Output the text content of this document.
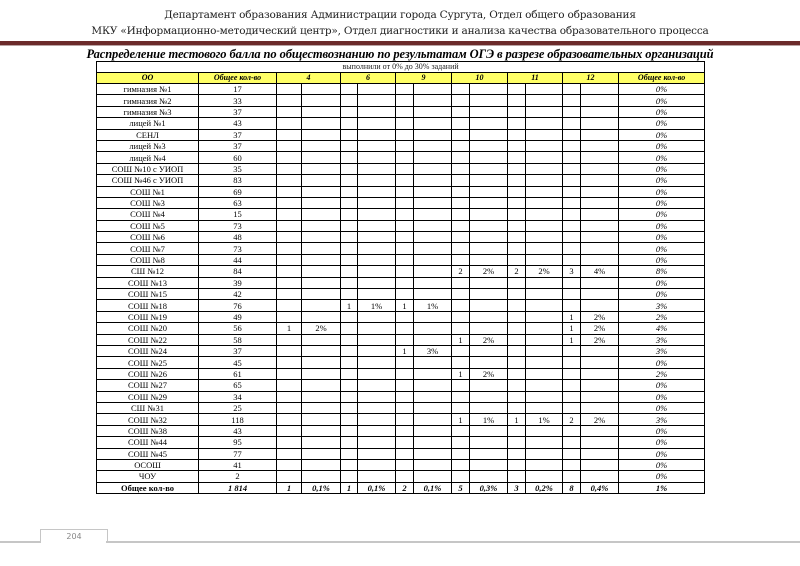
Департамент образования Администрации города Сургута, Отдел общего образования
МКУ «Информационно-методический центр», Отдел диагностики и анализа качества образовательного процесса
Распределение тестового балла по обществознанию по результатам ОГЭ в разрезе образовательных организаций
выполнили от 0% до 30% заданий														
ОО	Общее кол-во	4		6		9		10		11		12		Общее кол-во
гимназия №1	17													0%
гимназия №2	33													0%
гимназия №3	37													0%
лицей №1	43													0%
СЕНЛ	37													0%
лицей №3	37													0%
лицей №4	60													0%
СОШ №10 с УИОП	35													0%
СОШ №46 с УИОП	83													0%
СОШ №1	69													0%
СОШ №3	63													0%
СОШ №4	15													0%
СОШ №5	73													0%
СОШ №6	48													0%
СОШ №7	73													0%
СОШ №8	44													0%
СШ №12	84							2	2%	2	2%	3	4%	8%
СОШ №13	39													0%
СОШ №15	42													0%
СОШ №18	76			1	1%	1	1%							3%
СОШ №19	49											1	2%	2%
СОШ №20	56	1	2%									1	2%	4%
СОШ №22	58							1	2%			1	2%	3%
СОШ №24	37					1	3%							3%
СОШ №25	45													0%
СОШ №26	61							1	2%					2%
СОШ №27	65													0%
СОШ №29	34													0%
СШ №31	25													0%
СОШ №32	118							1	1%	1	1%	2	2%	3%
СОШ №38	43													0%
СОШ №44	95													0%
СОШ №45	77													0%
ОСОШ	41													0%
ЧОУ	2													0%
Общее кол-во	1 814	1	0,1%	1	0,1%	2	0,1%	5	0,3%	3	0,2%	8	0,4%	1%
204
